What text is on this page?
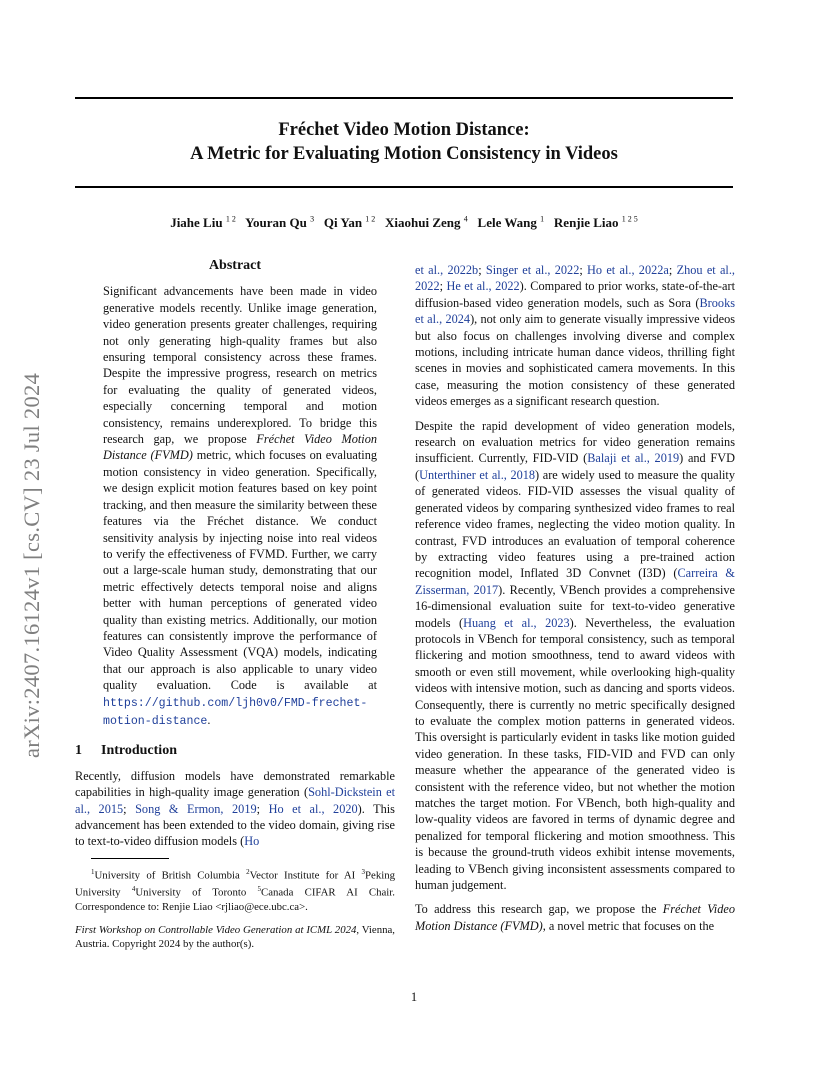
Fréchet Video Motion Distance:
A Metric for Evaluating Motion Consistency in Videos
Jiahe Liu $^{1 2}$ Youran Qu $^3$ Qi Yan $^{1 2}$ Xiaohui Zeng $^4$ Lele Wang $^1$ Renjie Liao $^{1 2 5}$
arXiv:2407.16124v1 [cs.CV] 23 Jul 2024
Abstract
Significant advancements have been made in video generative models recently. Unlike image generation, video generation presents greater challenges, requiring not only generating high-quality frames but also ensuring temporal consistency across these frames. Despite the impressive progress, research on metrics for evaluating the quality of generated videos, especially concerning temporal and motion consistency, remains underexplored. To bridge this research gap, we propose Fréchet Video Motion Distance (FVMD) metric, which focuses on evaluating motion consistency in video generation. Specifically, we design explicit motion features based on key point tracking, and then measure the similarity between these features via the Fréchet distance. We conduct sensitivity analysis by injecting noise into real videos to verify the effectiveness of FVMD. Further, we carry out a large-scale human study, demonstrating that our metric effectively detects temporal noise and aligns better with human perceptions of generated video quality than existing metrics. Additionally, our motion features can consistently improve the performance of Video Quality Assessment (VQA) models, indicating that our approach is also applicable to unary video quality evaluation. Code is available at https://github.com/ljh0v0/FMD-frechet-motion-distance.
1 Introduction

Recently, diffusion models have demonstrated remarkable capabilities in high-quality image generation (Sohl-Dickstein et al., 2015; Song & Ermon, 2019; Ho et al., 2020). This advancement has been extended to the video domain, giving rise to text-to-video diffusion models (Ho

$^1$University of British Columbia $^2$Vector Institute for AI $^3$Peking University $^4$University of Toronto $^5$Canada CIFAR AI Chair. Correspondence to: Renjie Liao <rjliao@ece.ubc.ca>.
First Workshop on Controllable Video Generation at ICML 2024, Vienna, Austria. Copyright 2024 by the author(s).

et al., 2022b; Singer et al., 2022; Ho et al., 2022a; Zhou et al., 2022; He et al., 2022). Compared to prior works, state-of-the-art diffusion-based video generation models, such as Sora (Brooks et al., 2024), not only aim to generate visually impressive videos but also focus on challenges involving diverse and complex motions, including intricate human dance videos, thrilling fight scenes in movies and sophisticated camera movements. In this case, measuring the motion consistency of these generated videos emerges as a significant research question.

Despite the rapid development of video generation models, research on evaluation metrics for video generation remains insufficient. Currently, FID-VID (Balaji et al., 2019) and FVD (Unterthiner et al., 2018) are widely used to measure the quality of generated videos. FID-VID assesses the visual quality of generated videos by comparing synthesized video frames to real reference video frames, neglecting the video motion quality. In contrast, FVD introduces an evaluation of temporal coherence by extracting video features using a pre-trained action recognition model, Inflated 3D Convnet (I3D) (Carreira & Zisserman, 2017). Recently, VBench provides a comprehensive 16-dimensional evaluation suite for text-to-video generative models (Huang et al., 2023). Nevertheless, the evaluation protocols in VBench for temporal consistency, such as temporal flickering and motion smoothness, tend to award videos with smooth or even still movement, while overlooking high-quality videos with intensive motion, such as dancing and sports videos. Consequently, there is currently no metric specifically designed to evaluate the complex motion patterns in generated videos. This oversight is particularly evident in tasks like motion guided video generation. In these tasks, FID-VID and FVD can only measure whether the appearance of the generated video is consistent with the reference video, but not whether the motion matches the target motion. For VBench, both high-quality and low-quality videos are favored in terms of dynamic degree and penalized for temporal flickering and motion smoothness. This is because the ground-truth videos exhibit intense movements, leading to VBench giving inconsistent assessments compared to human judgement.

To address this research gap, we propose the Fréchet Video Motion Distance (FVMD), a novel metric that focuses on the

1
